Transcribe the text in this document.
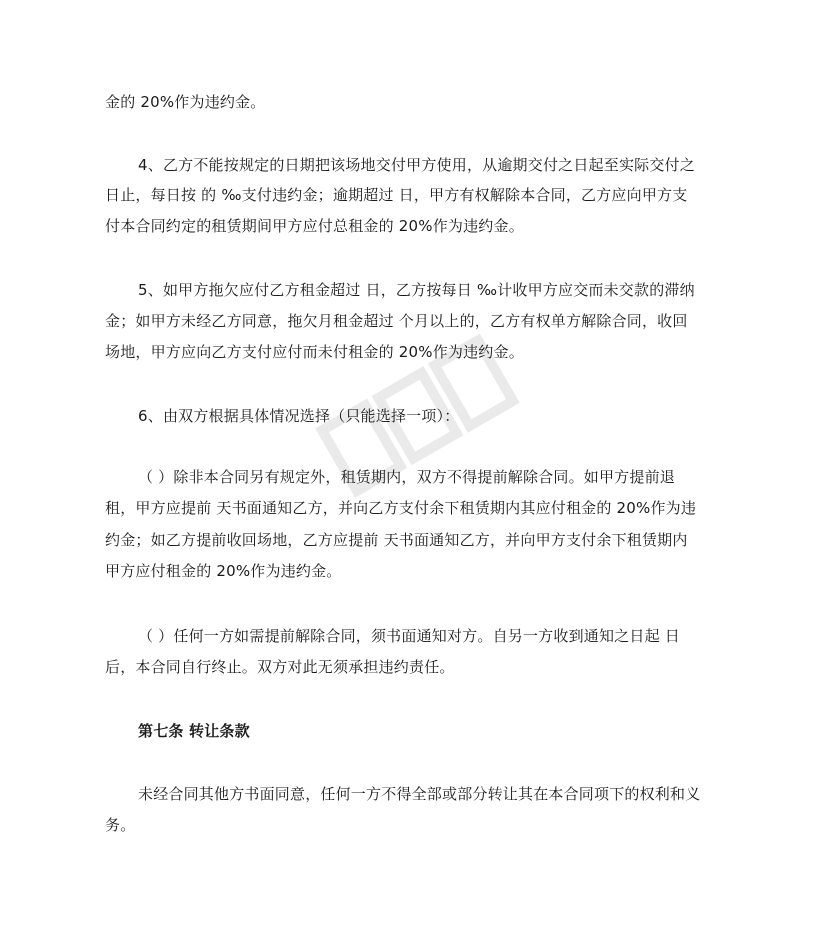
金的 20%作为违约金。
4、乙方不能按规定的日期把该场地交付甲方使用，从逾期交付之日起至实际交付之
日止，每日按 的 ‰支付违约金；逾期超过 日，甲方有权解除本合同，乙方应向甲方支
付本合同约定的租赁期间甲方应付总租金的 20%作为违约金。
5、如甲方拖欠应付乙方租金超过 日，乙方按每日 ‰计收甲方应交而未交款的滞纳
金；如甲方未经乙方同意，拖欠月租金超过 个月以上的，乙方有权单方解除合同，收回
场地，甲方应向乙方支付应付而未付租金的 20%作为违约金。
6、由双方根据具体情况选择（只能选择一项）：
（ ）除非本合同另有规定外，租赁期内，双方不得提前解除合同。如甲方提前退
租，甲方应提前 天书面通知乙方，并向乙方支付余下租赁期内其应付租金的 20%作为违
约金；如乙方提前收回场地，乙方应提前 天书面通知乙方，并向甲方支付余下租赁期内
甲方应付租金的 20%作为违约金。
（ ）任何一方如需提前解除合同，须书面通知对方。自另一方收到通知之日起 日
后，本合同自行终止。双方对此无须承担违约责任。
第七条 转让条款
未经合同其他方书面同意，任何一方不得全部或部分转让其在本合同项下的权利和义
务。
